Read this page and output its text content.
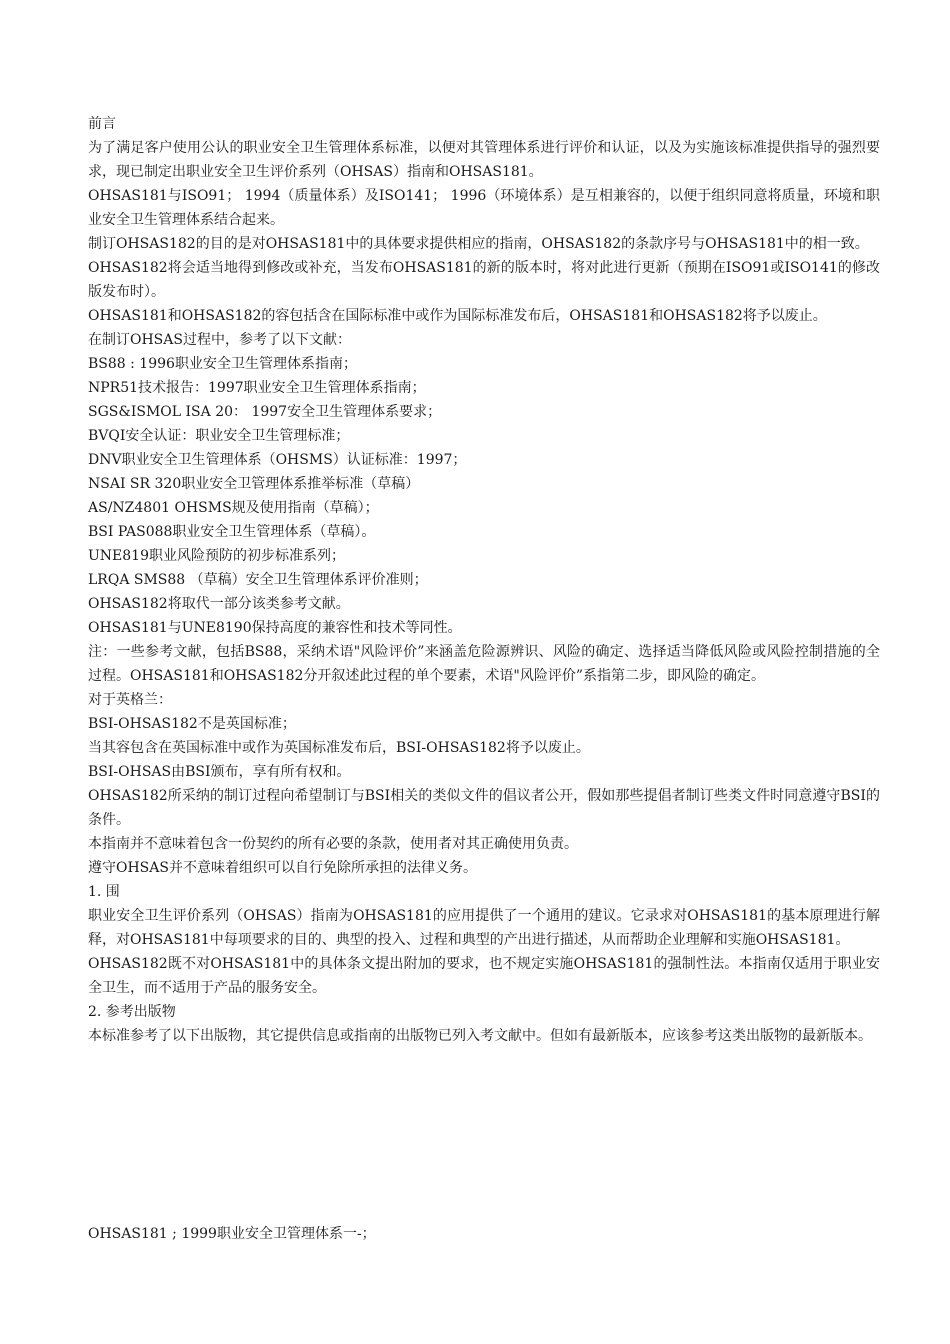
前言

为了满足客户使用公认的职业安全卫生管理体系标准，以便对其管理体系进行评价和认证，以及为实施该标准提供指导的强烈要求，现已制定出职业安全卫生评价系列（OHSAS）指南和OHSAS181。

OHSAS181与ISO91； 1994（质量体系）及ISO141； 1996（环境体系）是互相兼容的，以便于组织同意将质量，环境和职业安全卫生管理体系结合起来。

制订OHSAS182的目的是对OHSAS181中的具体要求提供相应的指南，OHSAS182的条款序号与OHSAS181中的相一致。

OHSAS182将会适当地得到修改或补充，当发布OHSAS181的新的版本时，将对此进行更新（预期在ISO91或ISO141的修改版发布时）。

OHSAS181和OHSAS182的容包括含在国际标准中或作为国际标准发布后，OHSAS181和OHSAS182将予以废止。

在制订OHSAS过程中，参考了以下文献：

BS88 : 1996职业安全卫生管理体系指南；

NPR51技术报告：1997职业安全卫生管理体系指南；

SGS&ISMOL ISA 20： 1997安全卫生管理体系要求；

BVQI安全认证：职业安全卫生管理标准；

DNV职业安全卫生管理体系（OHSMS）认证标准：1997；

NSAI SR 320职业安全卫管理体系推举标准（草稿）

AS/NZ4801 OHSMS规及使用指南（草稿）；

BSI PAS088职业安全卫生管理体系（草稿）。

UNE819职业风险预防的初步标准系列；

LRQA SMS88 （草稿）安全卫生管理体系评价准则；

OHSAS182将取代一部分该类参考文献。

OHSAS181与UNE8190保持高度的兼容性和技术等同性。

注：一些参考文献，包括BS88，采纳术语"风险评价”来涵盖危险源辨识、风险的确定、选择适当降低风险或风险控制措施的全过程。OHSAS181和OHSAS182分开叙述此过程的单个要素，术语"风险评价”系指第二步，即风险的确定。

对于英格兰：

BSI-OHSAS182不是英国标准；

当其容包含在英国标准中或作为英国标准发布后，BSI-OHSAS182将予以废止。

BSI-OHSAS由BSI颁布，享有所有权和。

OHSAS182所采纳的制订过程向希望制订与BSI相关的类似文件的倡议者公开，假如那些提倡者制订些类文件时同意遵守BSI的条件。

本指南并不意味着包含一份契约的所有必要的条款，使用者对其正确使用负责。

遵守OHSAS并不意味着组织可以自行免除所承担的法律义务。

1. 围

职业安全卫生评价系列（OHSAS）指南为OHSAS181的应用提供了一个通用的建议。它录求对OHSAS181的基本原理进行解释，对OHSAS181中每项要求的目的、典型的投入、过程和典型的产出进行描述，从而帮助企业理解和实施OHSAS181。

OHSAS182既不对OHSAS181中的具体条文提出附加的要求，也不规定实施OHSAS181的强制性法。本指南仅适用于职业安全卫生，而不适用于产品的服务安全。

2. 参考出版物

本标准参考了以下出版物，其它提供信息或指南的出版物已列入考文献中。但如有最新版本，应该参考这类出版物的最新版本。

OHSAS181 ; 1999职业安全卫管理体系一-；
